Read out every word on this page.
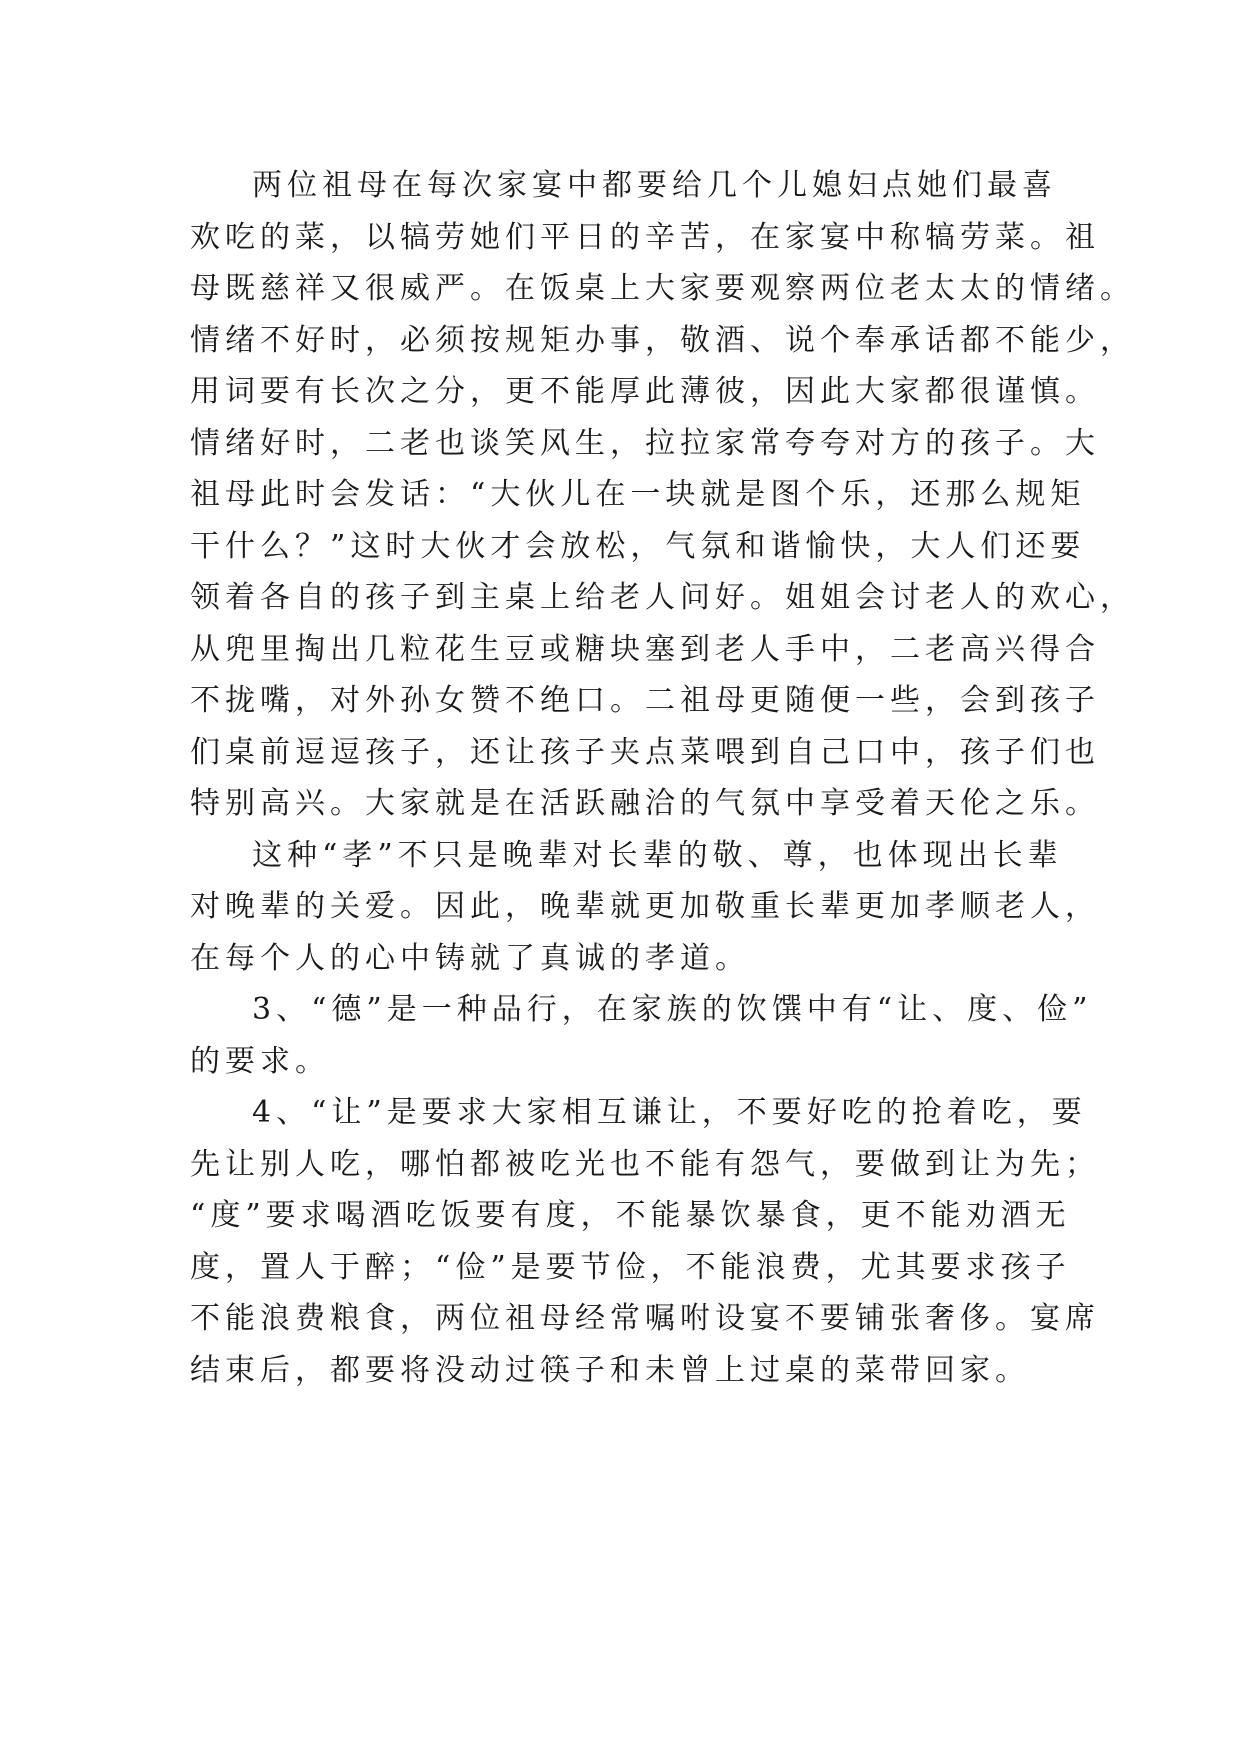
两位祖母在每次家宴中都要给几个儿媳妇点她们最喜
欢吃的菜，以犒劳她们平日的辛苦，在家宴中称犒劳菜。祖
母既慈祥又很威严。在饭桌上大家要观察两位老太太的情绪。
情绪不好时，必须按规矩办事，敬酒、说个奉承话都不能少，
用词要有长次之分，更不能厚此薄彼，因此大家都很谨慎。
情绪好时，二老也谈笑风生，拉拉家常夸夸对方的孩子。大
祖母此时会发话：“大伙儿在一块就是图个乐，还那么规矩
干什么？”这时大伙才会放松，气氛和谐愉快，大人们还要
领着各自的孩子到主桌上给老人问好。姐姐会讨老人的欢心，
从兜里掏出几粒花生豆或糖块塞到老人手中，二老高兴得合
不拢嘴，对外孙女赞不绝口。二祖母更随便一些，会到孩子
们桌前逗逗孩子，还让孩子夹点菜喂到自己口中，孩子们也
特别高兴。大家就是在活跃融洽的气氛中享受着天伦之乐。
这种“孝”不只是晚辈对长辈的敬、尊，也体现出长辈
对晚辈的关爱。因此，晚辈就更加敬重长辈更加孝顺老人，
在每个人的心中铸就了真诚的孝道。
3、“德”是一种品行，在家族的饮馔中有“让、度、俭”
的要求。
4、“让”是要求大家相互谦让，不要好吃的抢着吃，要
先让别人吃，哪怕都被吃光也不能有怨气，要做到让为先；
“度”要求喝酒吃饭要有度，不能暴饮暴食，更不能劝酒无
度，置人于醉；“俭”是要节俭，不能浪费，尤其要求孩子
不能浪费粮食，两位祖母经常嘱咐设宴不要铺张奢侈。宴席
结束后，都要将没动过筷子和未曾上过桌的菜带回家。
